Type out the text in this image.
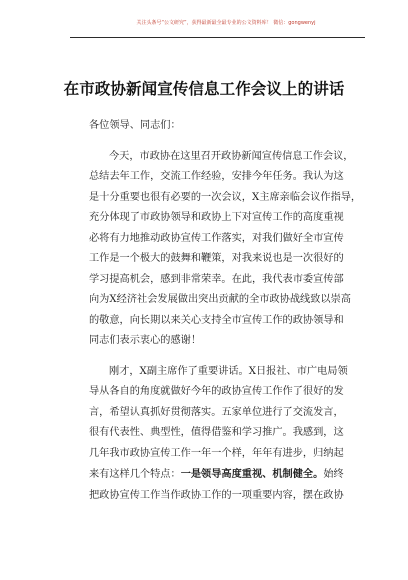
关注头条号“公文研究”，获得最新最全最专业的公文资料库！ 微信：gongwenyj
在市政协新闻宣传信息工作会议上的讲话
各位领导、同志们：
今天，市政协在这里召开政协新闻宣传信息工作会议，
总结去年工作，交流工作经验，安排今年任务。我认为这
是十分重要也很有必要的一次会议，X主席亲临会议作指导，
充分体现了市政协领导和政协上下对宣传工作的高度重视
必将有力地推动政协宣传工作落实，对我们做好全市宣传
工作是一个极大的鼓舞和鞭策，对我来说也是一次很好的
学习提高机会，感到非常荣幸。在此，我代表市委宣传部
向为X经济社会发展做出突出贡献的全市政协战线致以崇高
的敬意，向长期以来关心支持全市宣传工作的政协领导和
同志们表示衷心的感谢！
刚才，X副主席作了重要讲话。X日报社、市广电局领
导从各自的角度就做好今年的政协宣传工作作了很好的发
言，希望认真抓好贯彻落实。五家单位进行了交流发言，
很有代表性、典型性，值得借鉴和学习推广。我感到，这
几年我市政协宣传工作一年一个样，年年有进步，归纳起
来有这样几个特点：一是领导高度重视、机制健全。始终
把政协宣传工作当作政协工作的一项重要内容，摆在政协
